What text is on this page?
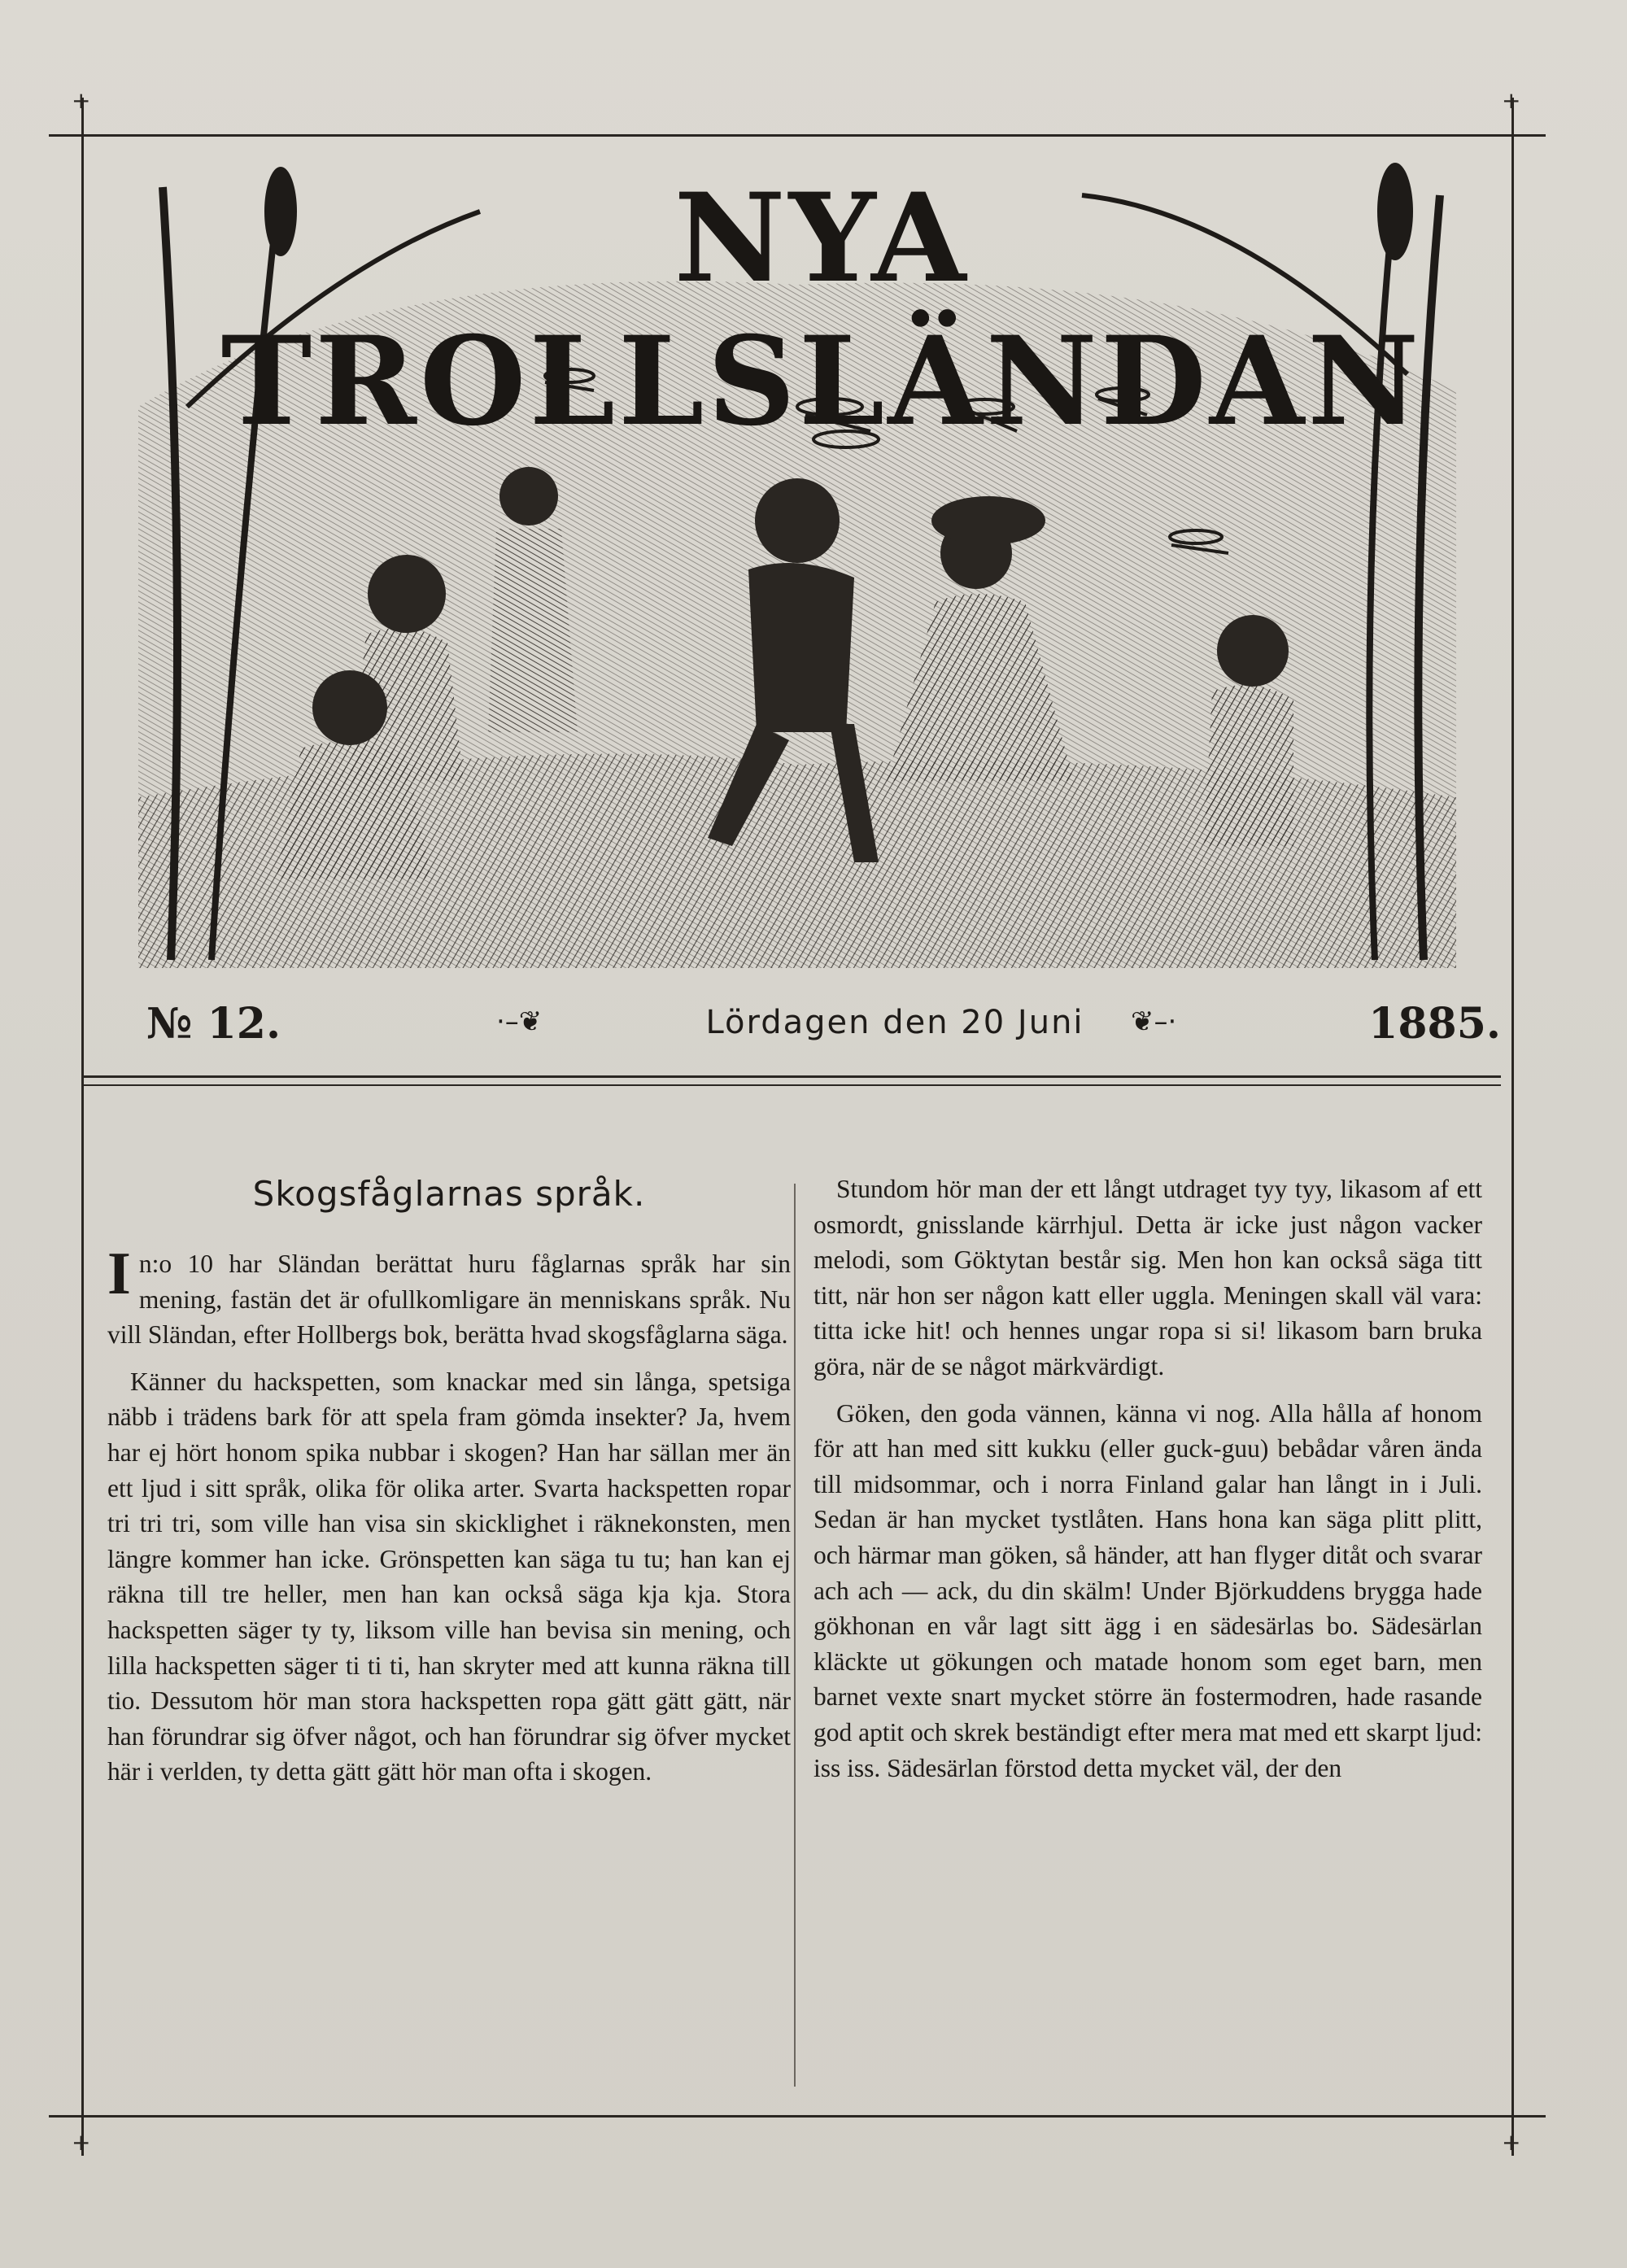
+	+
+	+
NYA TROLLSLÄNDAN
№ 12.	·–❦	Lördagen den 20 Juni	❦–·	1885.
Skogsfåglarnas språk.

In:o 10 har Sländan berättat huru fåglarnas språk har sin mening, fastän det är ofullkomligare än menniskans språk. Nu vill Sländan, efter Hollbergs bok, berätta hvad skogsfåglarna säga.

Känner du hackspetten, som knackar med sin långa, spetsiga näbb i trädens bark för att spela fram gömda insekter? Ja, hvem har ej hört honom spika nubbar i skogen? Han har sällan mer än ett ljud i sitt språk, olika för olika arter. Svarta hackspetten ropar tri tri tri, som ville han visa sin skicklighet i räknekonsten, men längre kommer han icke. Grönspetten kan säga tu tu; han kan ej räkna till tre heller, men han kan också säga kja kja. Stora hackspetten säger ty ty, liksom ville han bevisa sin mening, och lilla hackspetten säger ti ti ti, han skryter med att kunna räkna till tio. Dessutom hör man stora hackspetten ropa gätt gätt gätt, när han förundrar sig öfver något, och han förundrar sig öfver mycket här i verlden, ty detta gätt gätt hör man ofta i skogen.

Stundom hör man der ett långt utdraget tyy tyy, likasom af ett osmordt, gnisslande kärrhjul. Detta är icke just någon vacker melodi, som Göktytan består sig. Men hon kan också säga titt titt, när hon ser någon katt eller uggla. Meningen skall väl vara: titta icke hit! och hennes ungar ropa si si! likasom barn bruka göra, när de se något märkvärdigt.

Göken, den goda vännen, känna vi nog. Alla hålla af honom för att han med sitt kukku (eller guck-guu) bebådar våren ända till midsommar, och i norra Finland galar han långt in i Juli. Sedan är han mycket tystlåten. Hans hona kan säga plitt plitt, och härmar man göken, så händer, att han flyger ditåt och svarar ach ach — ack, du din skälm! Under Björkuddens brygga hade gökhonan en vår lagt sitt ägg i en sädesärlas bo. Sädesärlan kläckte ut gökungen och matade honom som eget barn, men barnet vexte snart mycket större än fostermodren, hade rasande god aptit och skrek beständigt efter mera mat med ett skarpt ljud: iss iss. Sädesärlan förstod detta mycket väl, der den
